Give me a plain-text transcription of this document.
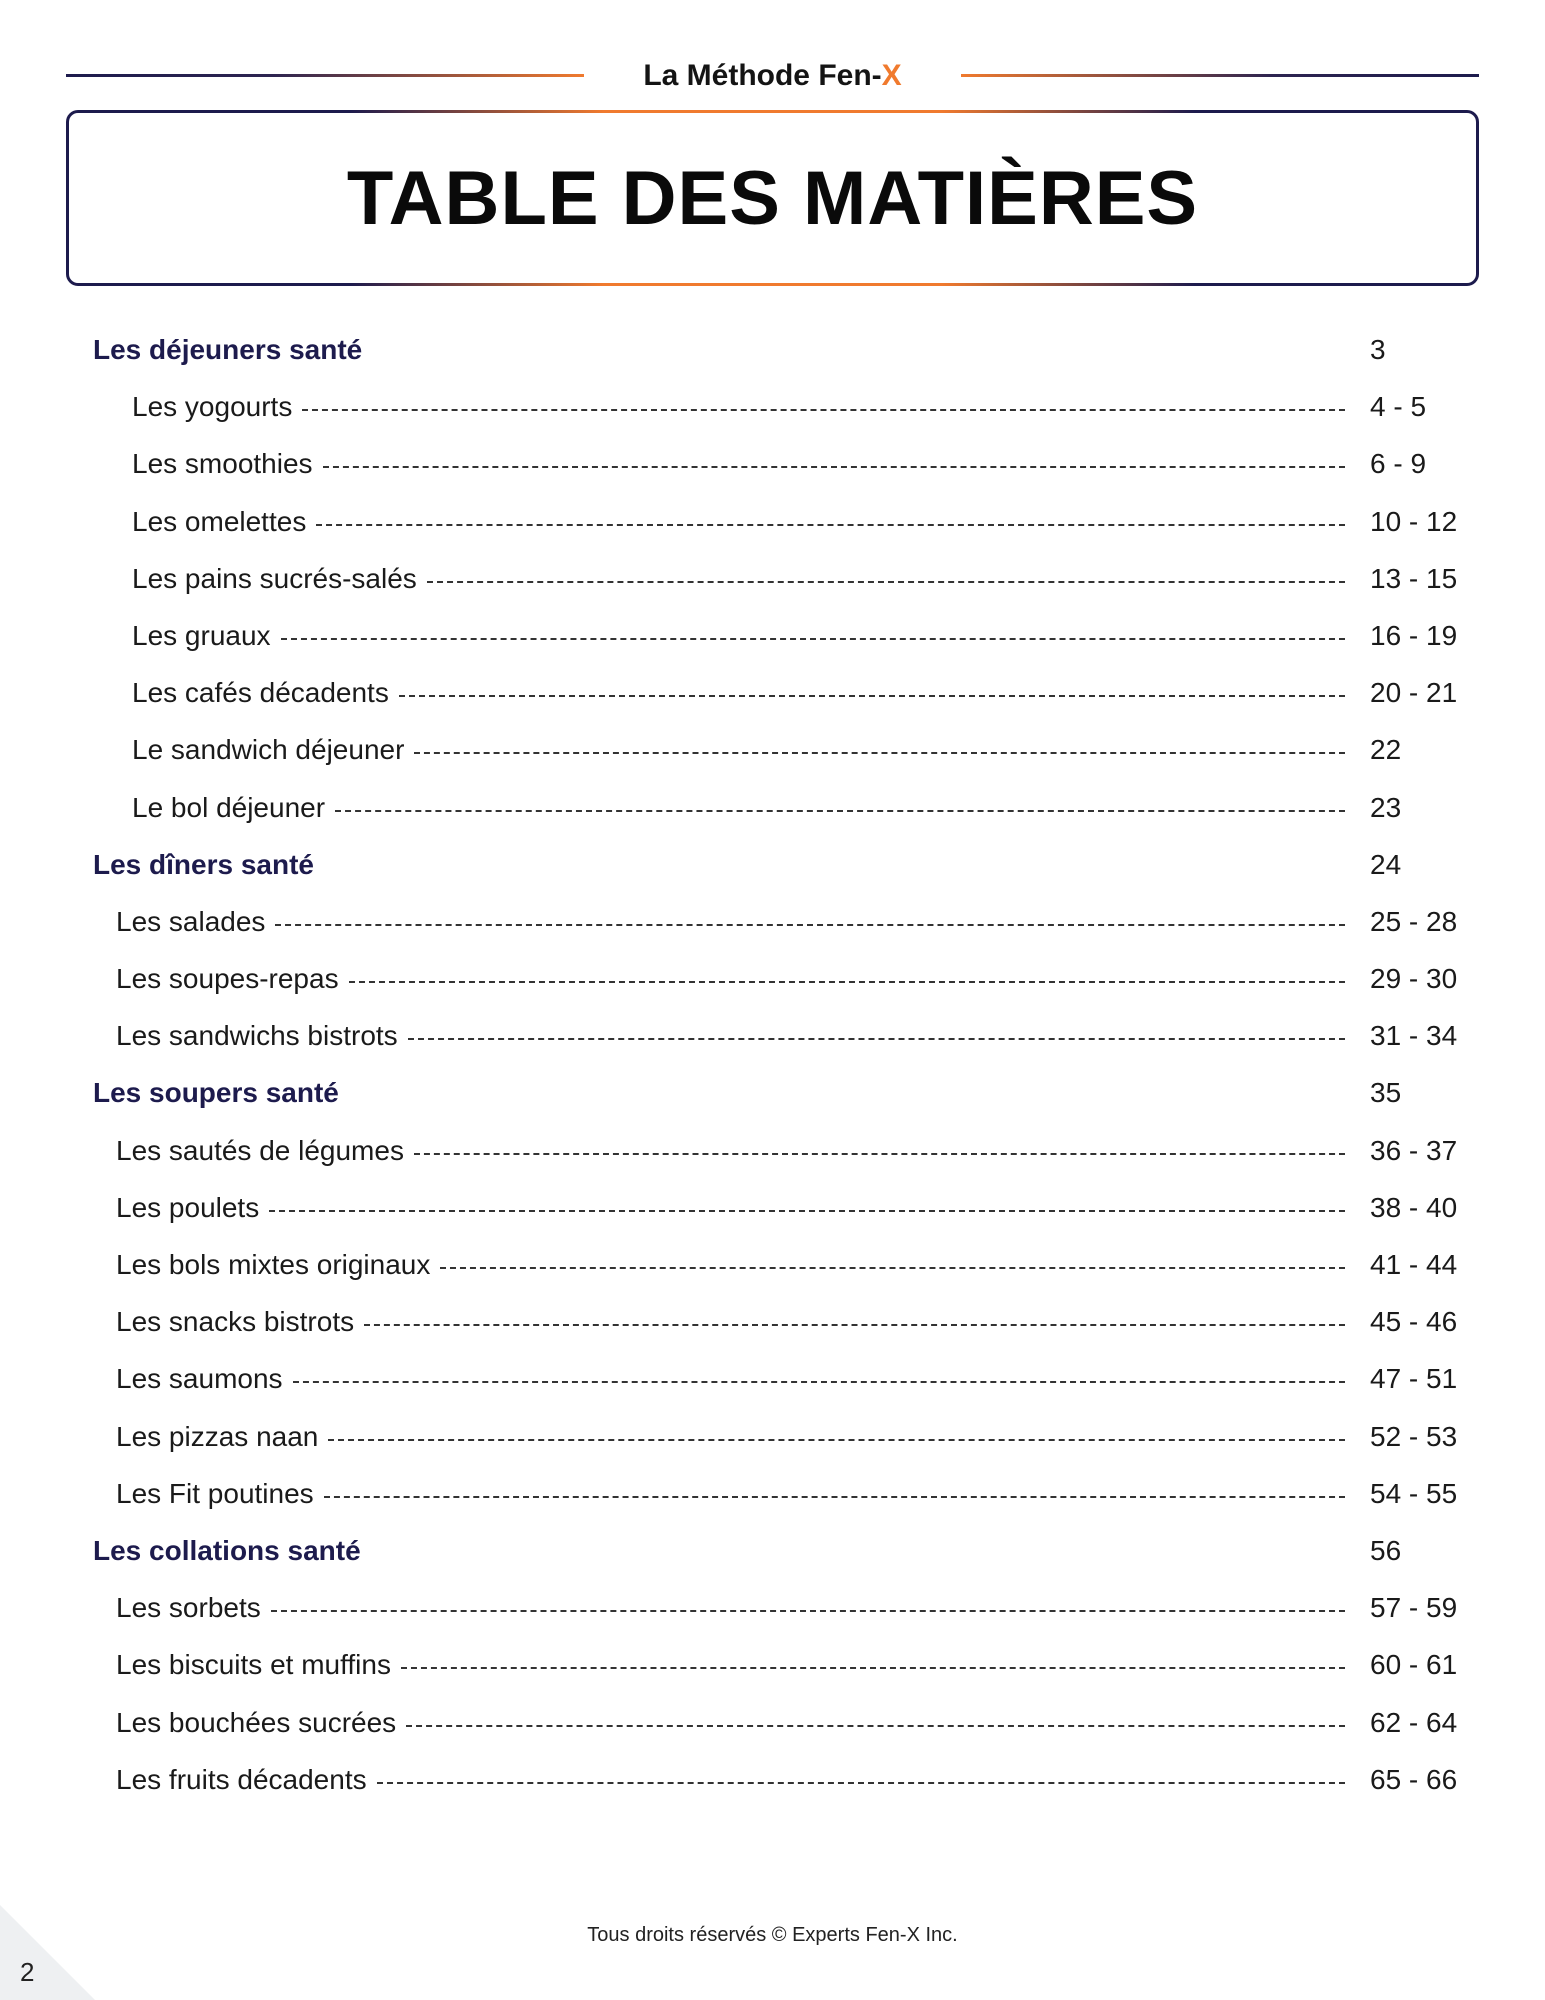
La Méthode Fen-X
TABLE DES MATIÈRES
Les déjeuners santé	3
Les yogourts	4 - 5
Les smoothies	6 - 9
Les omelettes	10 - 12
Les pains sucrés-salés	13 - 15
Les gruaux	16 - 19
Les cafés décadents	20 - 21
Le sandwich déjeuner	22
Le bol déjeuner	23
Les dîners santé	24
Les salades	25 - 28
Les soupes-repas	29 - 30
Les sandwichs bistrots	31 - 34
Les soupers santé	35
Les sautés de légumes	36 - 37
Les poulets	38 - 40
Les bols mixtes originaux	41 - 44
Les snacks bistrots	45 - 46
Les saumons	47 - 51
Les pizzas naan	52 - 53
Les Fit poutines	54 - 55
Les collations santé	56
Les sorbets	57 - 59
Les biscuits et muffins	60 - 61
Les bouchées sucrées	62 - 64
Les fruits décadents	65 - 66
Tous droits réservés © Experts Fen-X Inc.
2
